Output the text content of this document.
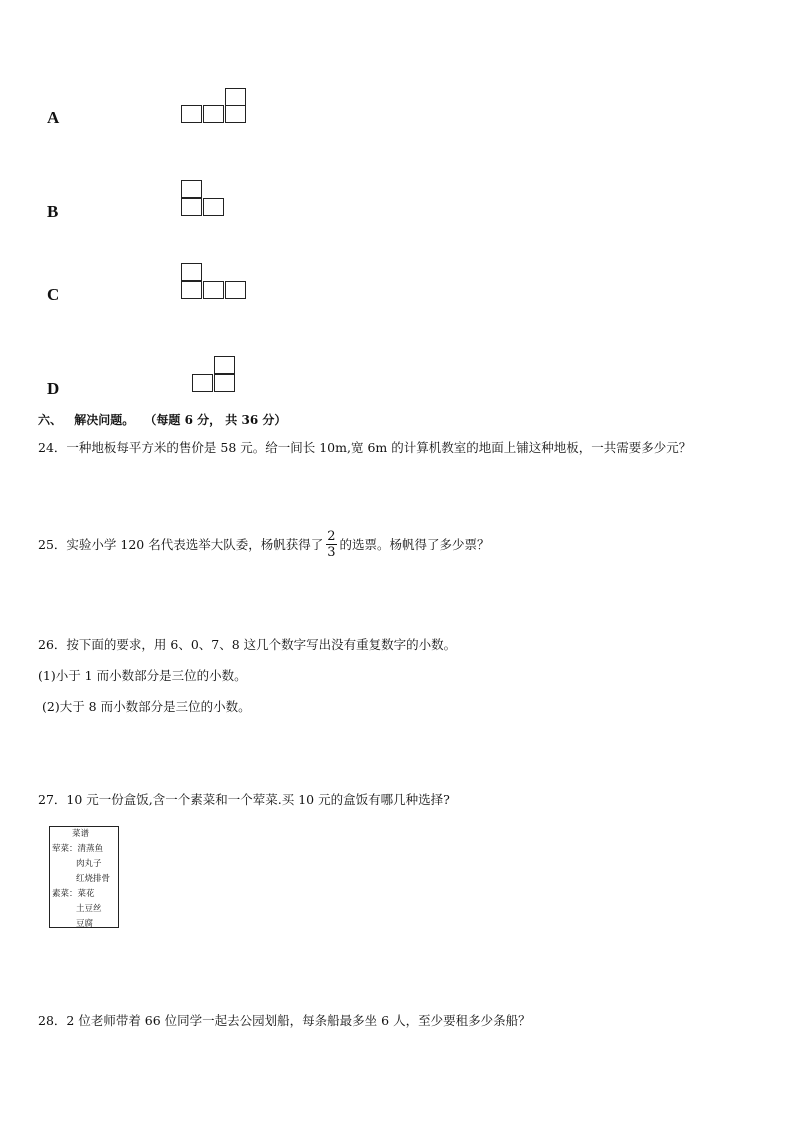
A
B
C
D
六、 解决问题。 （每题 6 分， 共 36 分）
24．一种地板每平方米的售价是 58 元。给一间长 10m,宽 6m 的计算机教室的地面上铺这种地板，一共需要多少元？
25．实验小学 120 名代表选举大队委，杨帆获得了 $\frac{2}{3}$ 的选票。杨帆得了多少票？
26．按下面的要求，用 6、0、7、8 这几个数字写出没有重复数字的小数。
(1)小于 1 而小数部分是三位的小数。
(2)大于 8 而小数部分是三位的小数。
27．10 元一份盒饭,含一个素菜和一个荤菜.买 10 元的盒饭有哪几种选择?
菜谱
荤菜：清蒸鱼
肉丸子
红烧排骨
素菜：菜花
土豆丝
豆腐
28．2 位老师带着 66 位同学一起去公园划船，每条船最多坐 6 人，至少要租多少条船？
